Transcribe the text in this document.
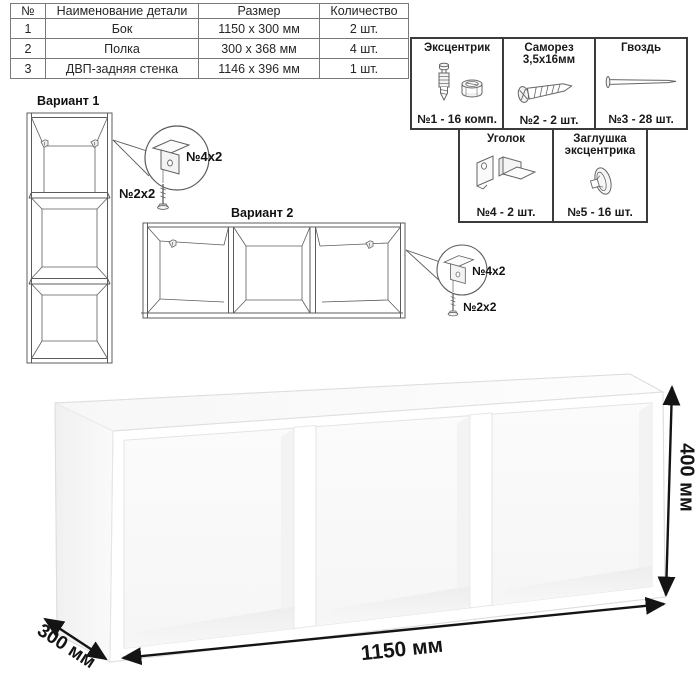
№	Наименование детали	Размер	Количество
1	Бок	1150 x 300 мм	2 шт.
2	Полка	300 x 368 мм	4 шт.
3	ДВП-задняя стенка	1146 x 396 мм	1 шт.
Эксцентрик
№1 - 16 комп.
Саморез 3,5х16мм
№2 - 2 шт.
Гвоздь
№3 - 28 шт.
Уголок
№4 - 2 шт.
Заглушка эксцентрика
№5 - 16 шт.
Вариант 1
Вариант 2
№4x2
№2x2
№4x2
№2x2
400 мм
1150 мм
300 мм
